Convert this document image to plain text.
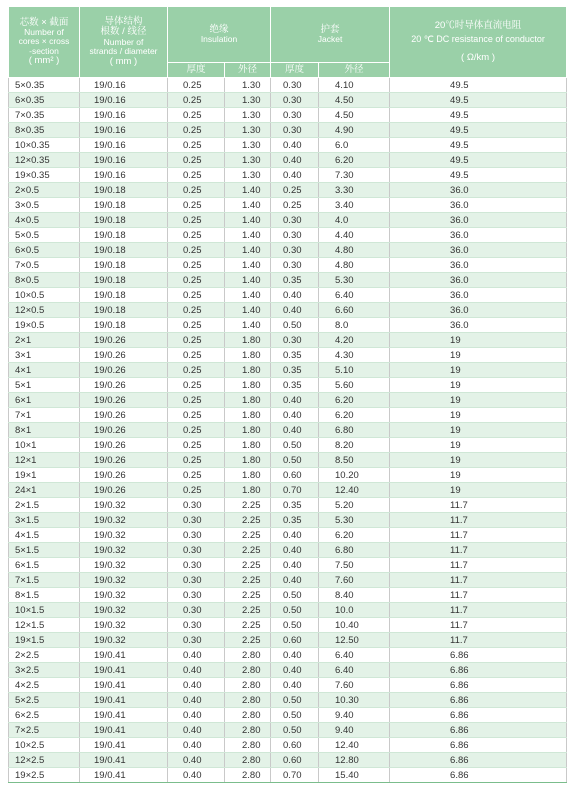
芯数 × 截面
Number of
cores × cross
-section
( mm² )	导体结构
根数 / 线径
Number of
strands / diameter
( mm )	绝缘
Insulation		护套
Jacket		20℃时导体直流电阻
20 ℃ DC resistance of conductor
( Ω/km )

		厚度	外径	厚度	外径	
5×0.35	19/0.16	0.25	1.30	0.30	4.10	49.5
6×0.35	19/0.16	0.25	1.30	0.30	4.50	49.5
7×0.35	19/0.16	0.25	1.30	0.30	4.50	49.5
8×0.35	19/0.16	0.25	1.30	0.30	4.90	49.5
10×0.35	19/0.16	0.25	1.30	0.40	6.0	49.5
12×0.35	19/0.16	0.25	1.30	0.40	6.20	49.5
19×0.35	19/0.16	0.25	1.30	0.40	7.30	49.5
2×0.5	19/0.18	0.25	1.40	0.25	3.30	36.0
3×0.5	19/0.18	0.25	1.40	0.25	3.40	36.0
4×0.5	19/0.18	0.25	1.40	0.30	4.0	36.0
5×0.5	19/0.18	0.25	1.40	0.30	4.40	36.0
6×0.5	19/0.18	0.25	1.40	0.30	4.80	36.0
7×0.5	19/0.18	0.25	1.40	0.30	4.80	36.0
8×0.5	19/0.18	0.25	1.40	0.35	5.30	36.0
10×0.5	19/0.18	0.25	1.40	0.40	6.40	36.0
12×0.5	19/0.18	0.25	1.40	0.40	6.60	36.0
19×0.5	19/0.18	0.25	1.40	0.50	8.0	36.0
2×1	19/0.26	0.25	1.80	0.30	4.20	19
3×1	19/0.26	0.25	1.80	0.35	4.30	19
4×1	19/0.26	0.25	1.80	0.35	5.10	19
5×1	19/0.26	0.25	1.80	0.35	5.60	19
6×1	19/0.26	0.25	1.80	0.40	6.20	19
7×1	19/0.26	0.25	1.80	0.40	6.20	19
8×1	19/0.26	0.25	1.80	0.40	6.80	19
10×1	19/0.26	0.25	1.80	0.50	8.20	19
12×1	19/0.26	0.25	1.80	0.50	8.50	19
19×1	19/0.26	0.25	1.80	0.60	10.20	19
24×1	19/0.26	0.25	1.80	0.70	12.40	19
2×1.5	19/0.32	0.30	2.25	0.35	5.20	11.7
3×1.5	19/0.32	0.30	2.25	0.35	5.30	11.7
4×1.5	19/0.32	0.30	2.25	0.40	6.20	11.7
5×1.5	19/0.32	0.30	2.25	0.40	6.80	11.7
6×1.5	19/0.32	0.30	2.25	0.40	7.50	11.7
7×1.5	19/0.32	0.30	2.25	0.40	7.60	11.7
8×1.5	19/0.32	0.30	2.25	0.50	8.40	11.7
10×1.5	19/0.32	0.30	2.25	0.50	10.0	11.7
12×1.5	19/0.32	0.30	2.25	0.50	10.40	11.7
19×1.5	19/0.32	0.30	2.25	0.60	12.50	11.7
2×2.5	19/0.41	0.40	2.80	0.40	6.40	6.86
3×2.5	19/0.41	0.40	2.80	0.40	6.40	6.86
4×2.5	19/0.41	0.40	2.80	0.40	7.60	6.86
5×2.5	19/0.41	0.40	2.80	0.50	10.30	6.86
6×2.5	19/0.41	0.40	2.80	0.50	9.40	6.86
7×2.5	19/0.41	0.40	2.80	0.50	9.40	6.86
10×2.5	19/0.41	0.40	2.80	0.60	12.40	6.86
12×2.5	19/0.41	0.40	2.80	0.60	12.80	6.86
19×2.5	19/0.41	0.40	2.80	0.70	15.40	6.86
